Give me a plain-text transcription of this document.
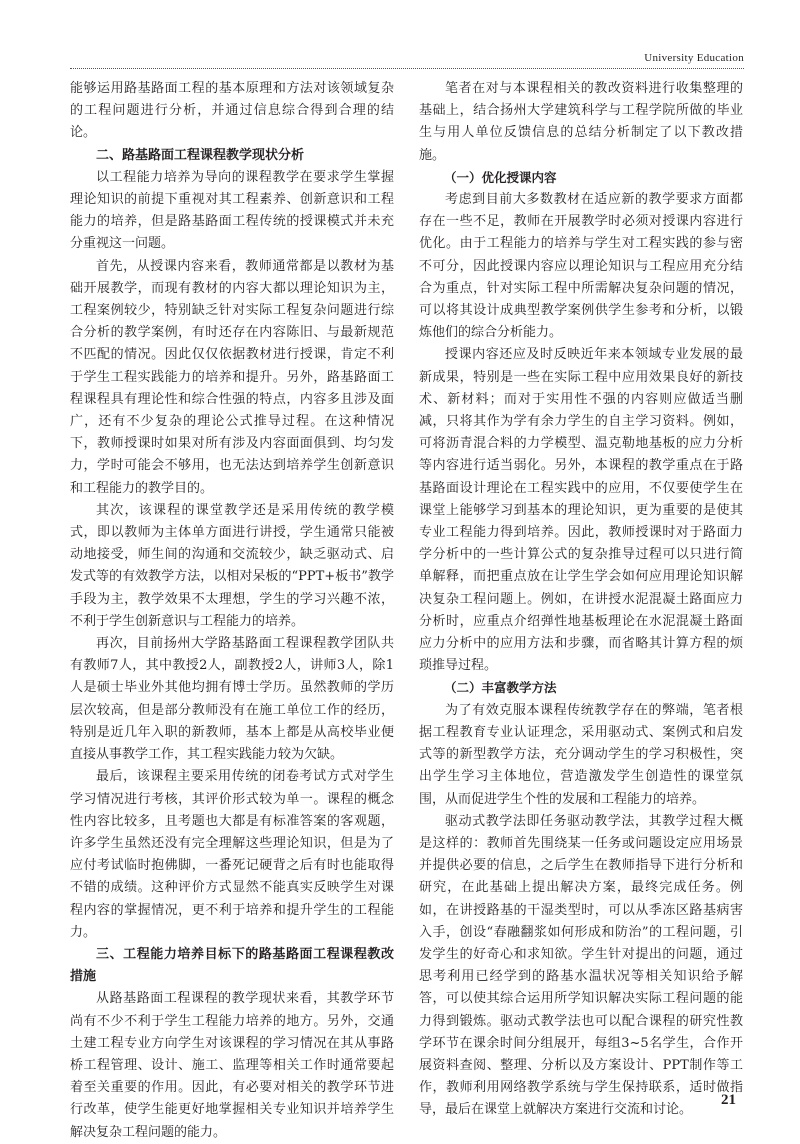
University Education

能够运用路基路面工程的基本原理和方法对该领域复杂的工程问题进行分析，并通过信息综合得到合理的结论。

二、路基路面工程课程教学现状分析

以工程能力培养为导向的课程教学在要求学生掌握理论知识的前提下重视对其工程素养、创新意识和工程能力的培养，但是路基路面工程传统的授课模式并未充分重视这一问题。

首先，从授课内容来看，教师通常都是以教材为基础开展教学，而现有教材的内容大都以理论知识为主，工程案例较少，特别缺乏针对实际工程复杂问题进行综合分析的教学案例，有时还存在内容陈旧、与最新规范不匹配的情况。因此仅仅依据教材进行授课，肯定不利于学生工程实践能力的培养和提升。另外，路基路面工程课程具有理论性和综合性强的特点，内容多且涉及面广，还有不少复杂的理论公式推导过程。在这种情况下，教师授课时如果对所有涉及内容面面俱到、均匀发力，学时可能会不够用，也无法达到培养学生创新意识和工程能力的教学目的。

其次，该课程的课堂教学还是采用传统的教学模式，即以教师为主体单方面进行讲授，学生通常只能被动地接受，师生间的沟通和交流较少，缺乏驱动式、启发式等的有效教学方法，以相对呆板的“PPT+板书”教学手段为主，教学效果不太理想，学生的学习兴趣不浓，不利于学生创新意识与工程能力的培养。

再次，目前扬州大学路基路面工程课程教学团队共有教师7人，其中教授2人，副教授2人，讲师3人，除1人是硕士毕业外其他均拥有博士学历。虽然教师的学历层次较高，但是部分教师没有在施工单位工作的经历，特别是近几年入职的新教师，基本上都是从高校毕业便直接从事教学工作，其工程实践能力较为欠缺。

最后，该课程主要采用传统的闭卷考试方式对学生学习情况进行考核，其评价形式较为单一。课程的概念性内容比较多，且考题也大都是有标准答案的客观题，许多学生虽然还没有完全理解这些理论知识，但是为了应付考试临时抱佛脚，一番死记硬背之后有时也能取得不错的成绩。这种评价方式显然不能真实反映学生对课程内容的掌握情况，更不利于培养和提升学生的工程能力。

三、工程能力培养目标下的路基路面工程课程教改措施

从路基路面工程课程的教学现状来看，其教学环节尚有不少不利于学生工程能力培养的地方。另外，交通土建工程专业方向学生对该课程的学习情况在其从事路桥工程管理、设计、施工、监理等相关工作时通常要起着至关重要的作用。因此，有必要对相关的教学环节进行改革，使学生能更好地掌握相关专业知识并培养学生解决复杂工程问题的能力。

笔者在对与本课程相关的教改资料进行收集整理的基础上，结合扬州大学建筑科学与工程学院所做的毕业生与用人单位反馈信息的总结分析制定了以下教改措施。

（一）优化授课内容

考虑到目前大多数教材在适应新的教学要求方面都存在一些不足，教师在开展教学时必须对授课内容进行优化。由于工程能力的培养与学生对工程实践的参与密不可分，因此授课内容应以理论知识与工程应用充分结合为重点，针对实际工程中所需解决复杂问题的情况，可以将其设计成典型教学案例供学生参考和分析，以锻炼他们的综合分析能力。

授课内容还应及时反映近年来本领域专业发展的最新成果，特别是一些在实际工程中应用效果良好的新技术、新材料；而对于实用性不强的内容则应做适当删减，只将其作为学有余力学生的自主学习资料。例如，可将沥青混合料的力学模型、温克勒地基板的应力分析等内容进行适当弱化。另外，本课程的教学重点在于路基路面设计理论在工程实践中的应用，不仅要使学生在课堂上能够学习到基本的理论知识，更为重要的是使其专业工程能力得到培养。因此，教师授课时对于路面力学分析中的一些计算公式的复杂推导过程可以只进行简单解释，而把重点放在让学生学会如何应用理论知识解决复杂工程问题上。例如，在讲授水泥混凝土路面应力分析时，应重点介绍弹性地基板理论在水泥混凝土路面应力分析中的应用方法和步骤，而省略其计算方程的烦琐推导过程。

（二）丰富教学方法

为了有效克服本课程传统教学存在的弊端，笔者根据工程教育专业认证理念，采用驱动式、案例式和启发式等的新型教学方法，充分调动学生的学习积极性，突出学生学习主体地位，营造激发学生创造性的课堂氛围，从而促进学生个性的发展和工程能力的培养。

驱动式教学法即任务驱动教学法，其教学过程大概是这样的：教师首先围绕某一任务或问题设定应用场景并提供必要的信息，之后学生在教师指导下进行分析和研究，在此基础上提出解决方案，最终完成任务。例如，在讲授路基的干湿类型时，可以从季冻区路基病害入手，创设“春融翻浆如何形成和防治”的工程问题，引发学生的好奇心和求知欲。学生针对提出的问题，通过思考利用已经学到的路基水温状况等相关知识给予解答，可以使其综合运用所学知识解决实际工程问题的能力得到锻炼。驱动式教学法也可以配合课程的研究性教学环节在课余时间分组展开，每组3~5名学生，合作开展资料查阅、整理、分析以及方案设计、PPT制作等工作，教师利用网络教学系统与学生保持联系，适时做指导，最后在课堂上就解决方案进行交流和讨论。

21
